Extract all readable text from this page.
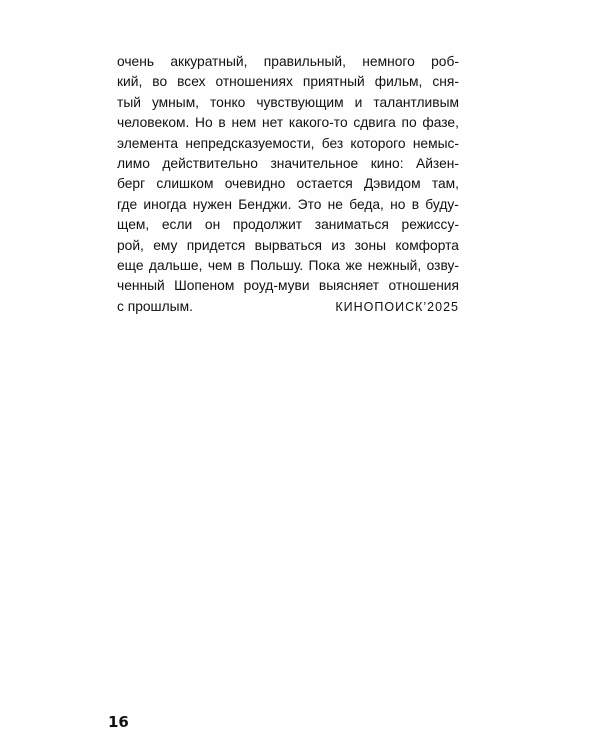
очень аккуратный, правильный, немного роб-
кий, во всех отношениях приятный фильм, сня-
тый умным, тонко чувствующим и талантливым
человеком. Но в нем нет какого-то сдвига по фазе,
элемента непредсказуемости, без которого немыс-
лимо действительно значительное кино: Айзен-
берг слишком очевидно остается Дэвидом там,
где иногда нужен Бенджи. Это не беда, но в буду-
щем, если он продолжит заниматься режиссу-
рой, ему придется вырваться из зоны комфорта
еще дальше, чем в Польшу. Пока же нежный, озву-
ченный Шопеном роуд-муви выясняет отношения
с прошлым.	КИНОПОИСК’2025
16
